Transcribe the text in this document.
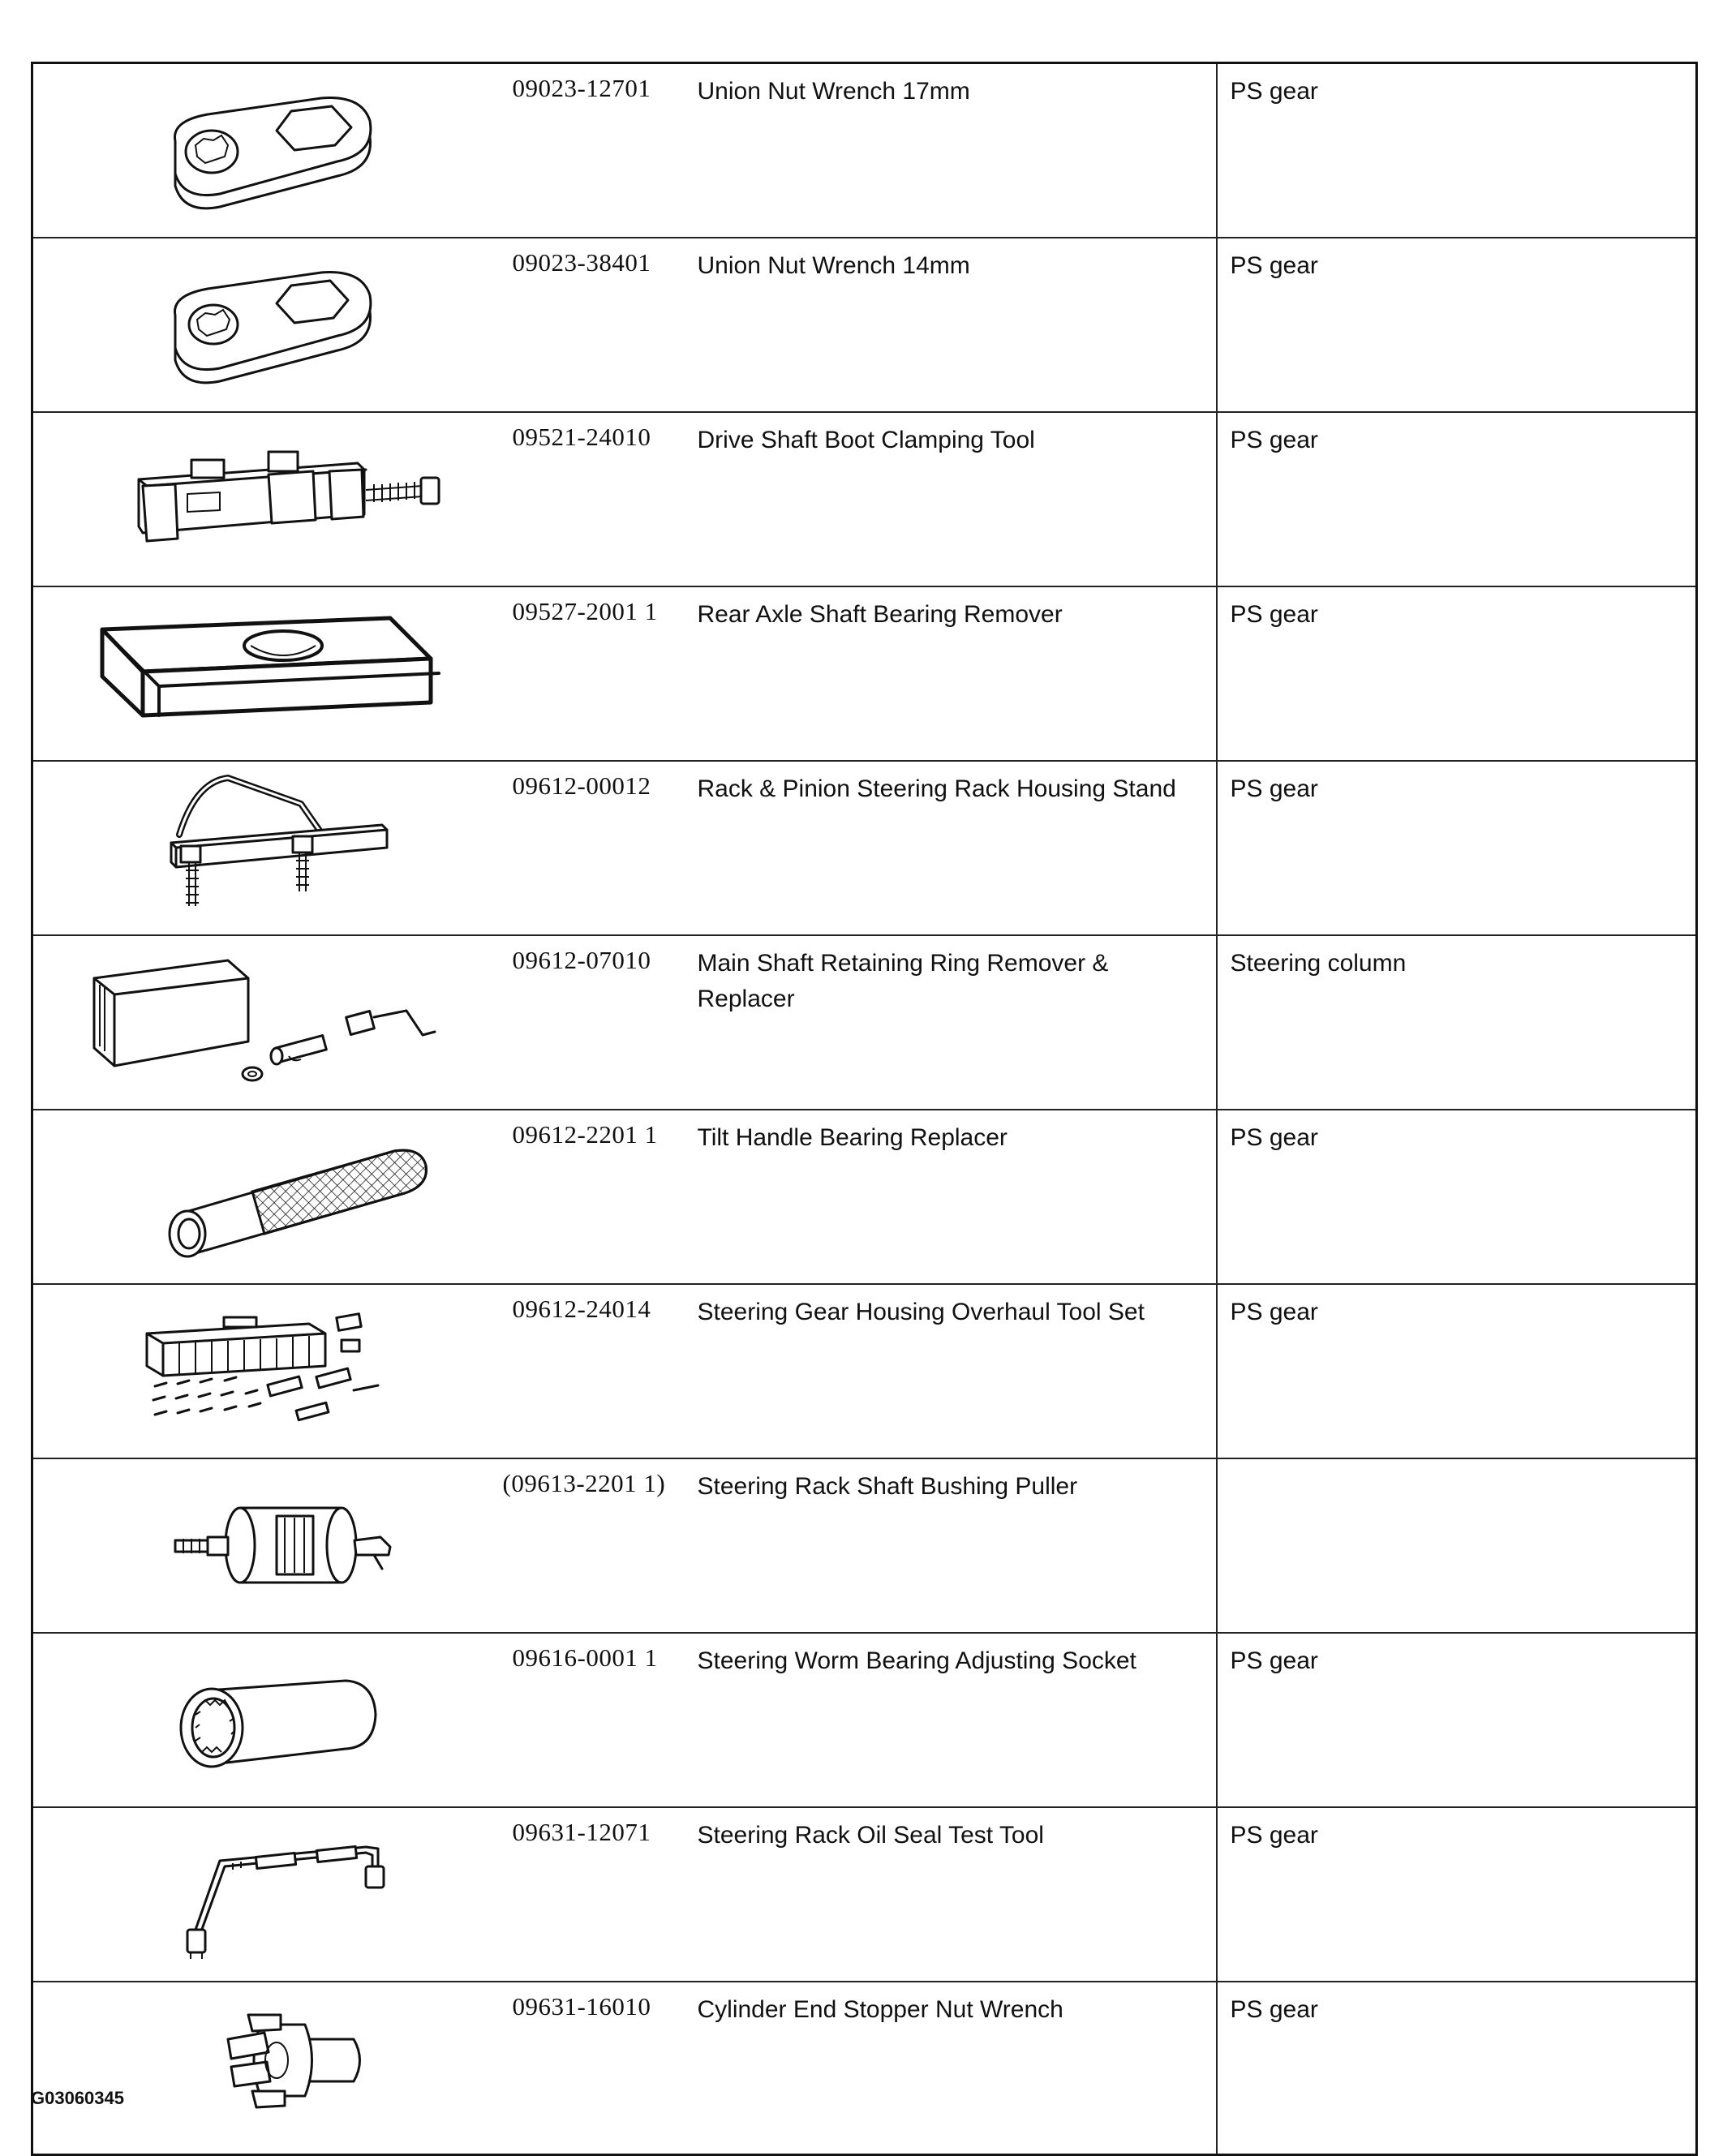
	09023-12701	Union Nut Wrench 17mm	PS gear

	09023-38401	Union Nut Wrench 14mm	PS gear

	09521-24010	Drive Shaft Boot Clamping Tool	PS gear

	09527-2001 1	Rear Axle Shaft Bearing Remover	PS gear

	09612-00012	Rack & Pinion Steering Rack Housing Stand	PS gear

	09612-07010	Main Shaft Retaining Ring Remover & Replacer	Steering column

	09612-2201 1	Tilt Handle Bearing Replacer	PS gear

	09612-24014	Steering Gear Housing Overhaul Tool Set	PS gear

	(09613-2201 1)	Steering Rack Shaft Bushing Puller	

	09616-0001 1	Steering Worm Bearing Adjusting Socket	PS gear

	09631-12071	Steering Rack Oil Seal Test Tool	PS gear

	09631-16010	Cylinder End Stopper Nut Wrench	PS gear
G03060345
